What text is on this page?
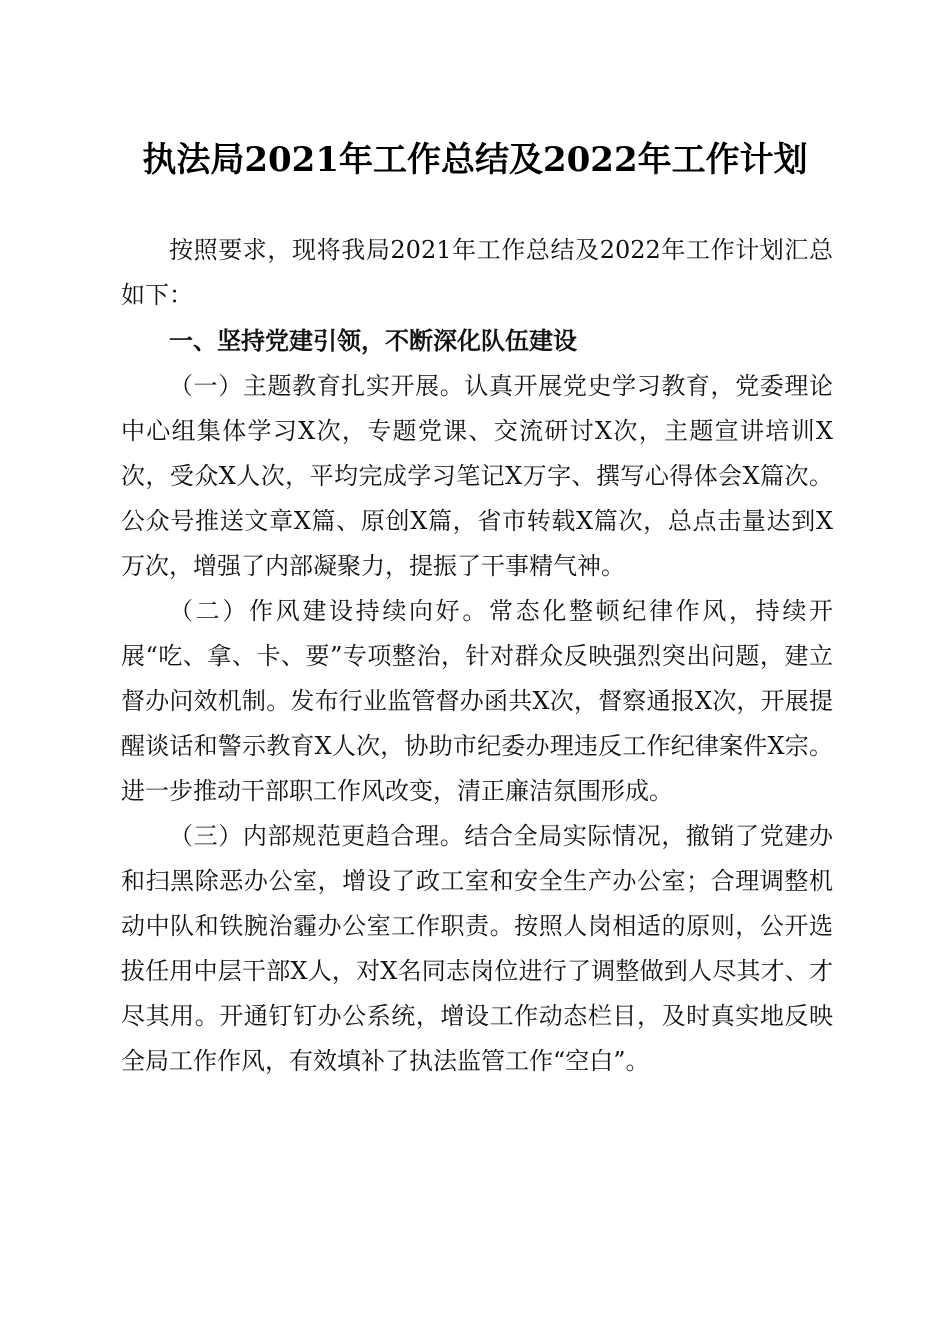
执法局2021年工作总结及2022年工作计划

按照要求，现将我局2021年工作总结及2022年工作计划汇总如下：

一、坚持党建引领，不断深化队伍建设

（一）主题教育扎实开展。认真开展党史学习教育，党委理论中心组集体学习X次，专题党课、交流研讨X次，主题宣讲培训X次，受众X人次，平均完成学习笔记X万字、撰写心得体会X篇次。公众号推送文章X篇、原创X篇，省市转载X篇次，总点击量达到X万次，增强了内部凝聚力，提振了干事精气神。

（二）作风建设持续向好。常态化整顿纪律作风，持续开展“吃、拿、卡、要”专项整治，针对群众反映强烈突出问题，建立督办问效机制。发布行业监管督办函共X次，督察通报X次，开展提醒谈话和警示教育X人次，协助市纪委办理违反工作纪律案件X宗。进一步推动干部职工作风改变，清正廉洁氛围形成。

（三）内部规范更趋合理。结合全局实际情况，撤销了党建办和扫黑除恶办公室，增设了政工室和安全生产办公室；合理调整机动中队和铁腕治霾办公室工作职责。按照人岗相适的原则，公开选拔任用中层干部X人，对X名同志岗位进行了调整做到人尽其才、才尽其用。开通钉钉办公系统，增设工作动态栏目，及时真实地反映全局工作作风，有效填补了执法监管工作“空白”。
